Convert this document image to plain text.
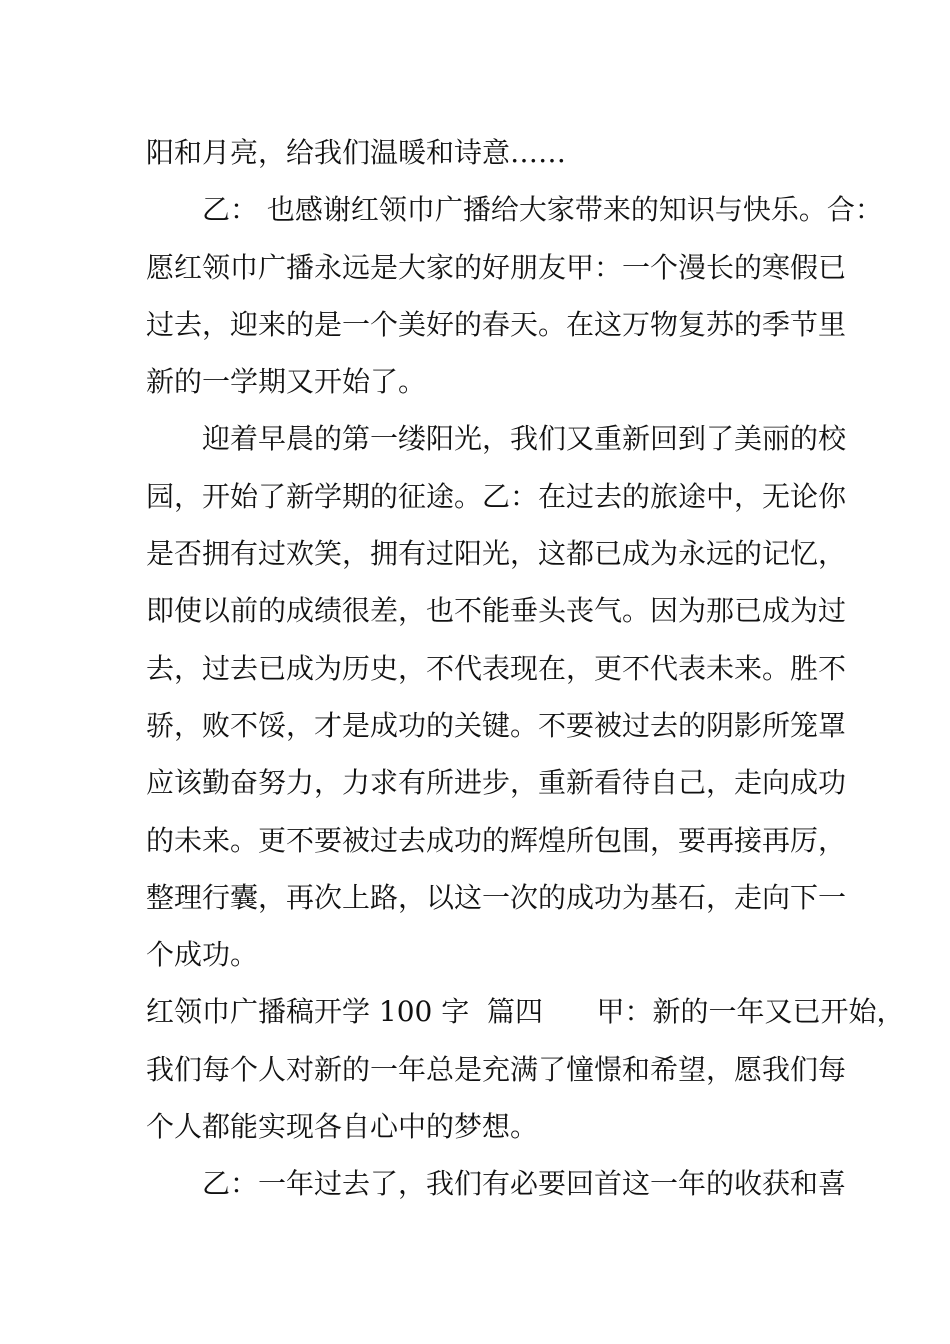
阳和月亮，给我们温暖和诗意……
乙： 也感谢红领巾广播给大家带来的知识与快乐。合：
愿红领巾广播永远是大家的好朋友甲：一个漫长的寒假已
过去，迎来的是一个美好的春天。在这万物复苏的季节里
新的一学期又开始了。
迎着早晨的第一缕阳光，我们又重新回到了美丽的校
园，开始了新学期的征途。乙：在过去的旅途中，无论你
是否拥有过欢笑，拥有过阳光，这都已成为永远的记忆，
即使以前的成绩很差，也不能垂头丧气。因为那已成为过
去，过去已成为历史，不代表现在，更不代表未来。胜不
骄，败不馁，才是成功的关键。不要被过去的阴影所笼罩
应该勤奋努力，力求有所进步，重新看待自己，走向成功
的未来。更不要被过去成功的辉煌所包围，要再接再厉，
整理行囊，再次上路，以这一次的成功为基石，走向下一
个成功。
红领巾广播稿开学 100 字  篇四      甲：新的一年又已开始，
我们每个人对新的一年总是充满了憧憬和希望，愿我们每
个人都能实现各自心中的梦想。
乙：一年过去了，我们有必要回首这一年的收获和喜
